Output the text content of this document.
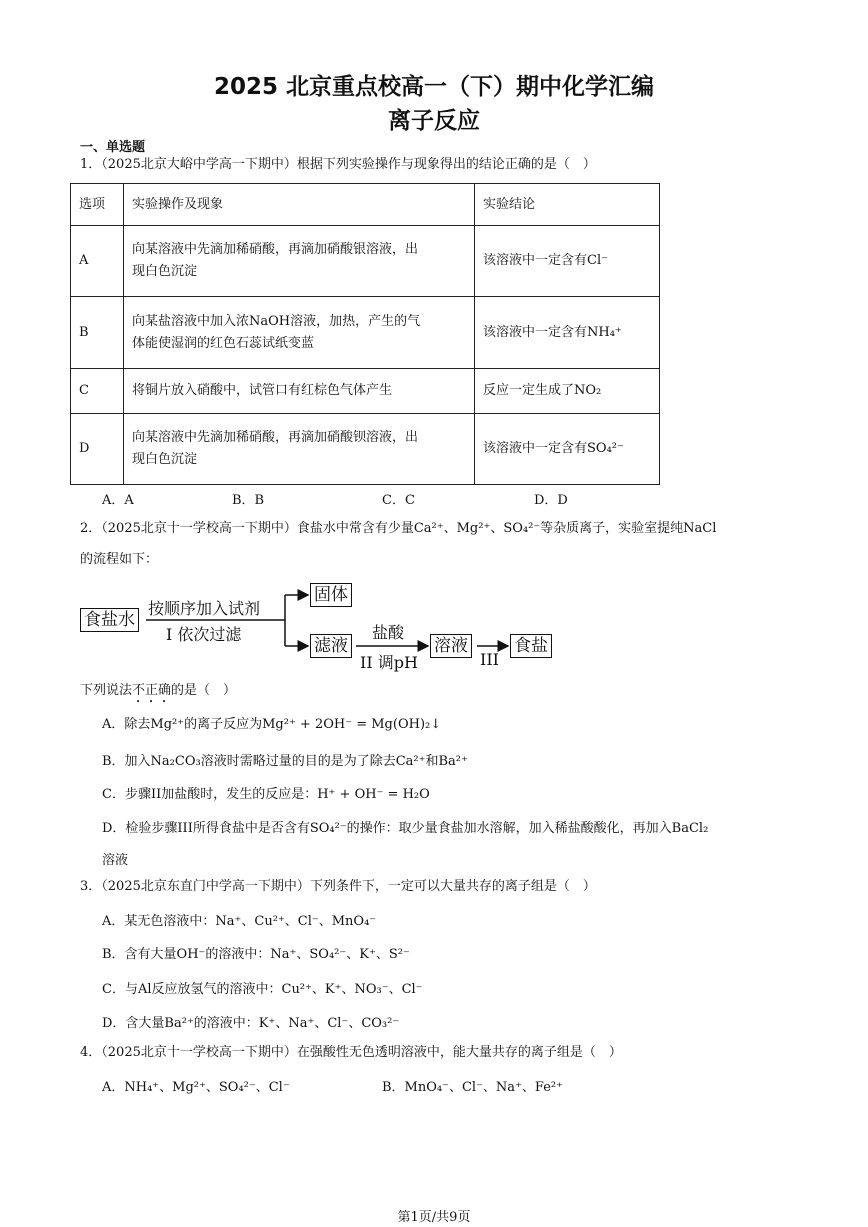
2025 北京重点校高一（下）期中化学汇编
离子反应
一、单选题
1．（2025北京大峪中学高一下期中）根据下列实验操作与现象得出的结论正确的是（　）
选项	实验操作及现象	实验结论
A	向某溶液中先滴加稀硝酸，再滴加硝酸银溶液，出
现白色沉淀	该溶液中一定含有Cl⁻
B	向某盐溶液中加入浓NaOH溶液，加热，产生的气
体能使湿润的红色石蕊试纸变蓝	该溶液中一定含有NH₄⁺
C	将铜片放入硝酸中，试管口有红棕色气体产生	反应一定生成了NO₂
D	向某溶液中先滴加稀硝酸，再滴加硝酸钡溶液，出
现白色沉淀	该溶液中一定含有SO₄²⁻
A．A	B．B	C．C	D．D
2．（2025北京十一学校高一下期中）食盐水中常含有少量Ca²⁺、Mg²⁺、SO₄²⁻等杂质离子，实验室提纯NaCl
的流程如下：
食盐水
按顺序加入试剂
I 依次过滤
固体
滤液
盐酸
II 调pH
溶液
III
食盐
下列说法不正确的是（　）
A．除去Mg²⁺的离子反应为Mg²⁺ + 2OH⁻ = Mg(OH)₂↓
B．加入Na₂CO₃溶液时需略过量的目的是为了除去Ca²⁺和Ba²⁺
C．步骤II加盐酸时，发生的反应是：H⁺ + OH⁻ = H₂O
D．检验步骤III所得食盐中是否含有SO₄²⁻的操作：取少量食盐加水溶解，加入稀盐酸酸化，再加入BaCl₂
溶液
3．（2025北京东直门中学高一下期中）下列条件下，一定可以大量共存的离子组是（　）
A．某无色溶液中：Na⁺、Cu²⁺、Cl⁻、MnO₄⁻
B．含有大量OH⁻的溶液中：Na⁺、SO₄²⁻、K⁺、S²⁻
C．与Al反应放氢气的溶液中：Cu²⁺、K⁺、NO₃⁻、Cl⁻
D．含大量Ba²⁺的溶液中：K⁺、Na⁺、Cl⁻、CO₃²⁻
4．（2025北京十一学校高一下期中）在强酸性无色透明溶液中，能大量共存的离子组是（　）
A．NH₄⁺、Mg²⁺、SO₄²⁻、Cl⁻	B．MnO₄⁻、Cl⁻、Na⁺、Fe²⁺
第1页/共9页
